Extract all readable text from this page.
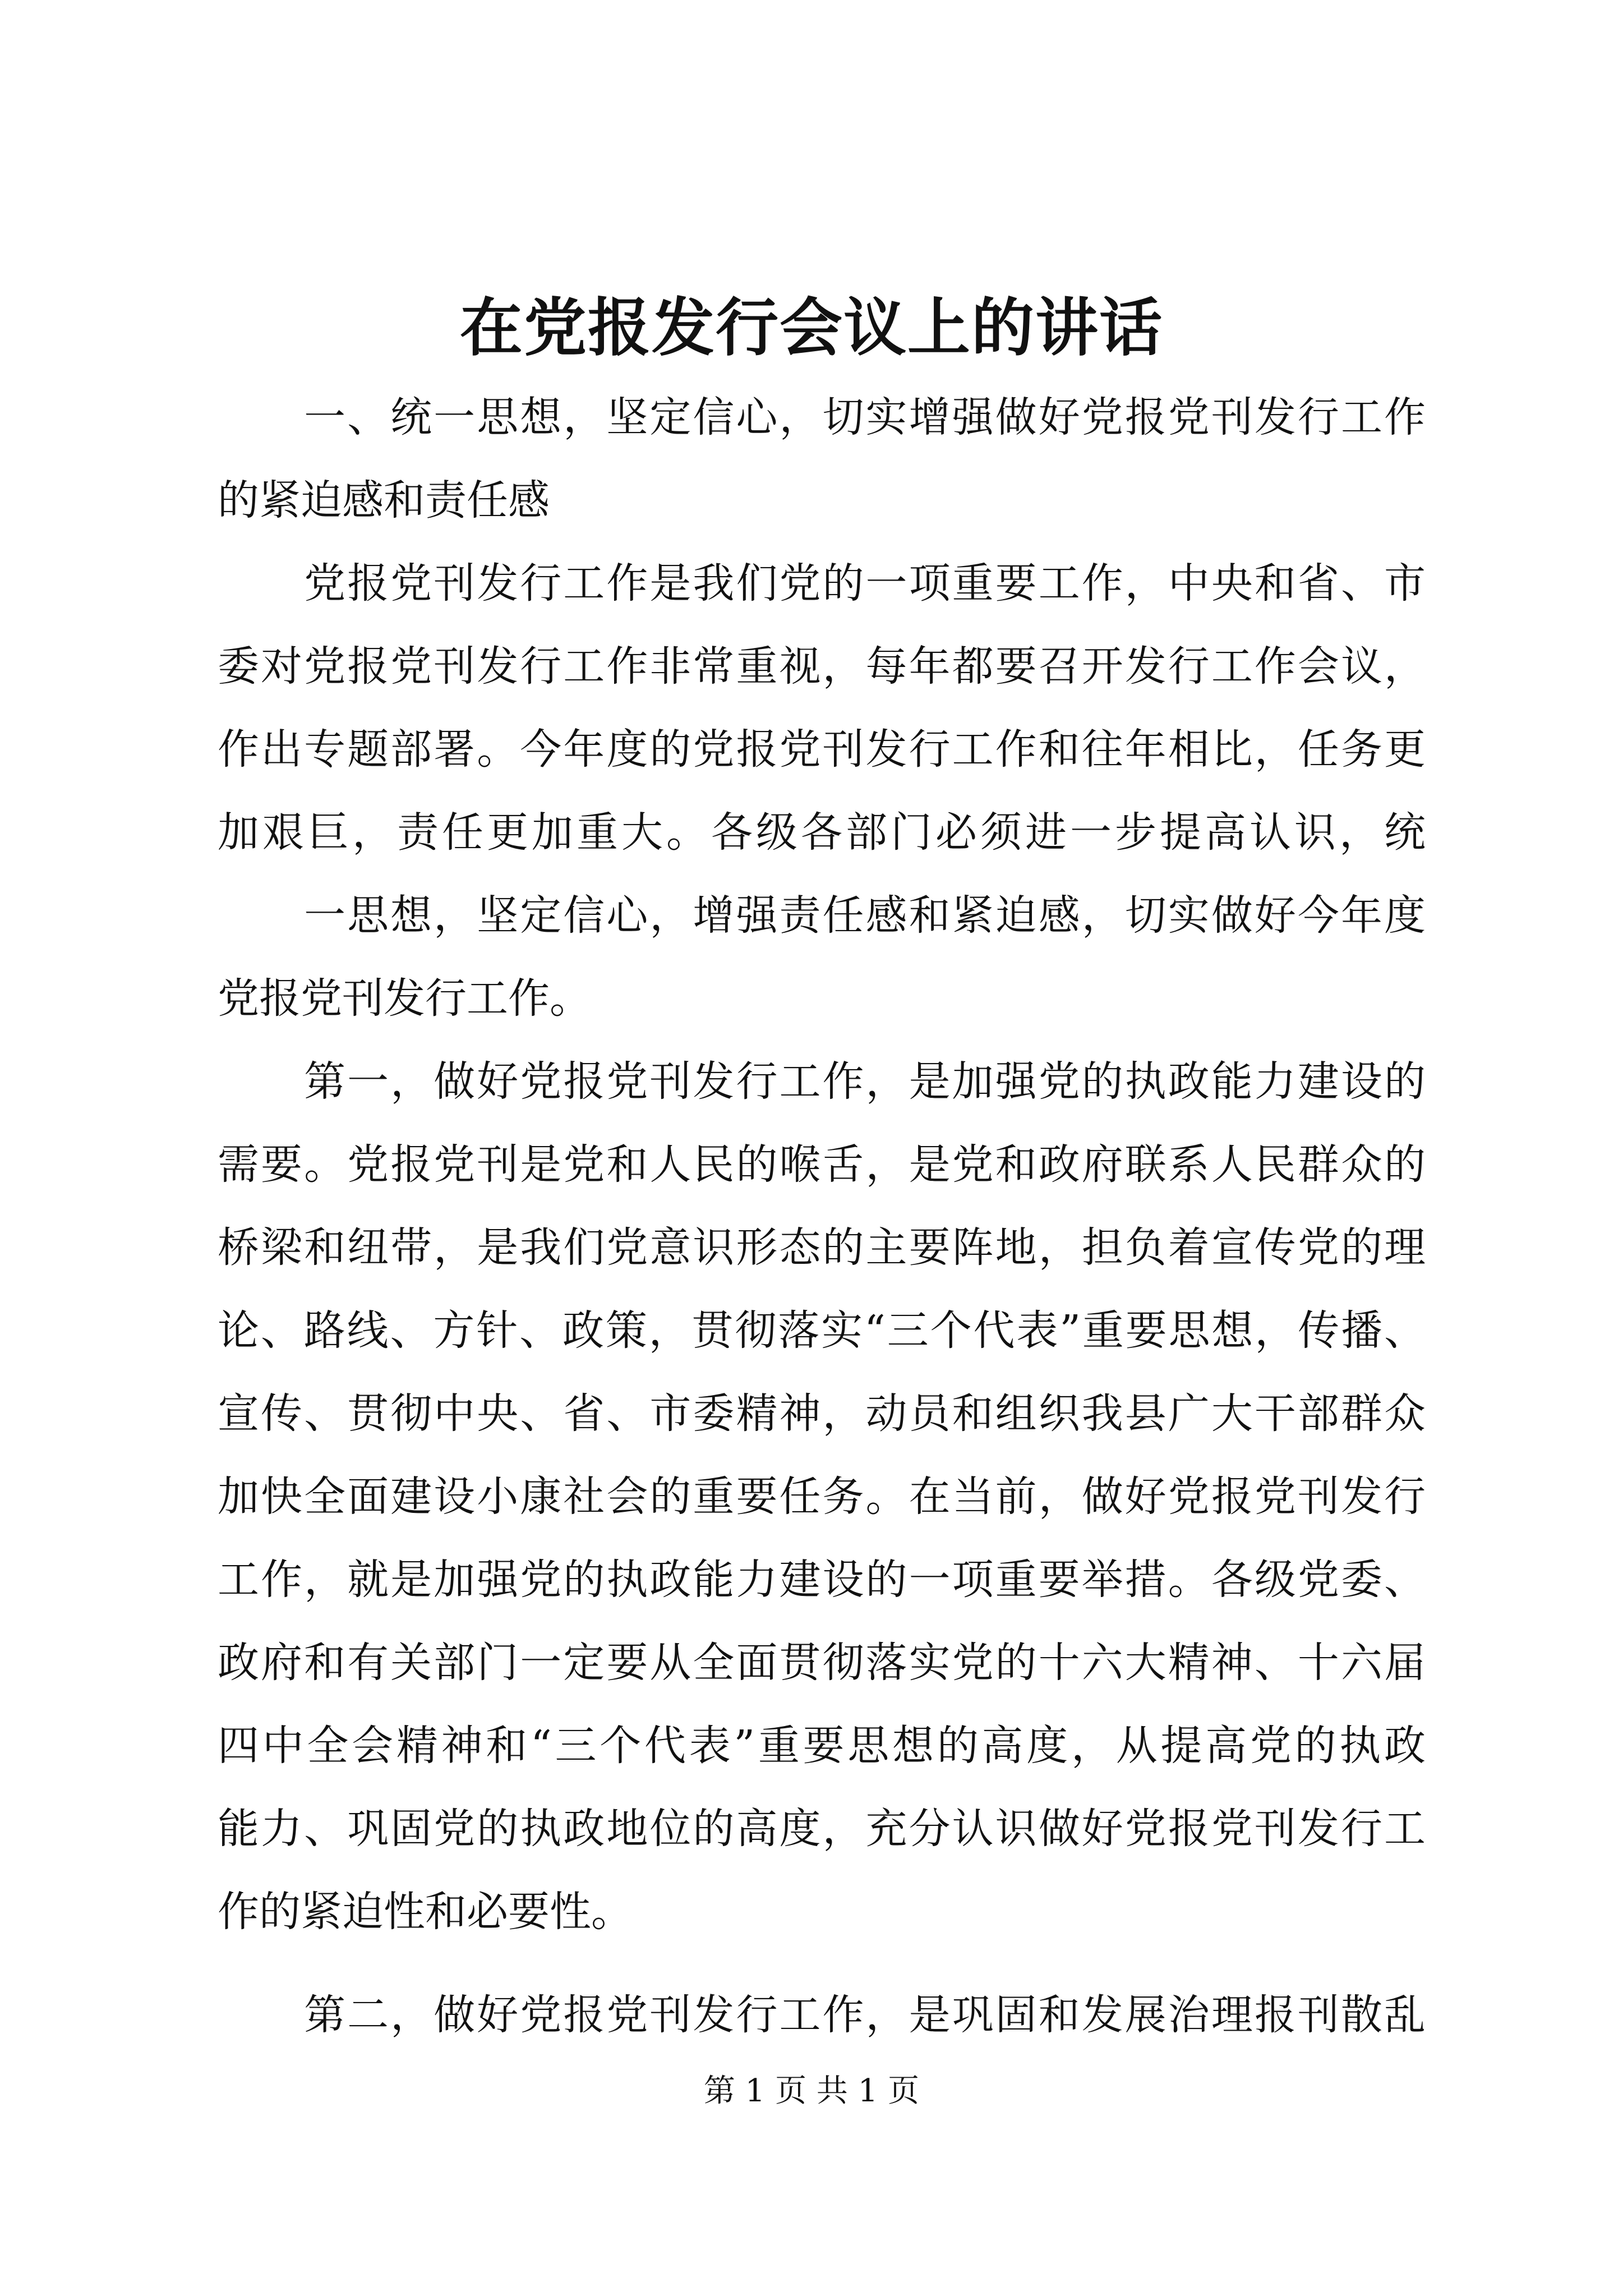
在党报发行会议上的讲话
　　一、统一思想，坚定信心，切实增强做好党报党刊发行工作
的紧迫感和责任感
　　党报党刊发行工作是我们党的一项重要工作，中央和省、市
委对党报党刊发行工作非常重视，每年都要召开发行工作会议，
作出专题部署。今年度的党报党刊发行工作和往年相比，任务更
加艰巨，责任更加重大。各级各部门必须进一步提高认识，统
　　一思想，坚定信心，增强责任感和紧迫感，切实做好今年度
党报党刊发行工作。
　　第一，做好党报党刊发行工作，是加强党的执政能力建设的
需要。党报党刊是党和人民的喉舌，是党和政府联系人民群众的
桥梁和纽带，是我们党意识形态的主要阵地，担负着宣传党的理
论、路线、方针、政策，贯彻落实“三个代表”重要思想，传播、
宣传、贯彻中央、省、市委精神，动员和组织我县广大干部群众
加快全面建设小康社会的重要任务。在当前，做好党报党刊发行
工作，就是加强党的执政能力建设的一项重要举措。各级党委、
政府和有关部门一定要从全面贯彻落实党的十六大精神、十六届
四中全会精神和“三个代表”重要思想的高度，从提高党的执政
能力、巩固党的执政地位的高度，充分认识做好党报党刊发行工
作的紧迫性和必要性。
　　第二，做好党报党刊发行工作，是巩固和发展治理报刊散乱
第 1 页 共 1 页
